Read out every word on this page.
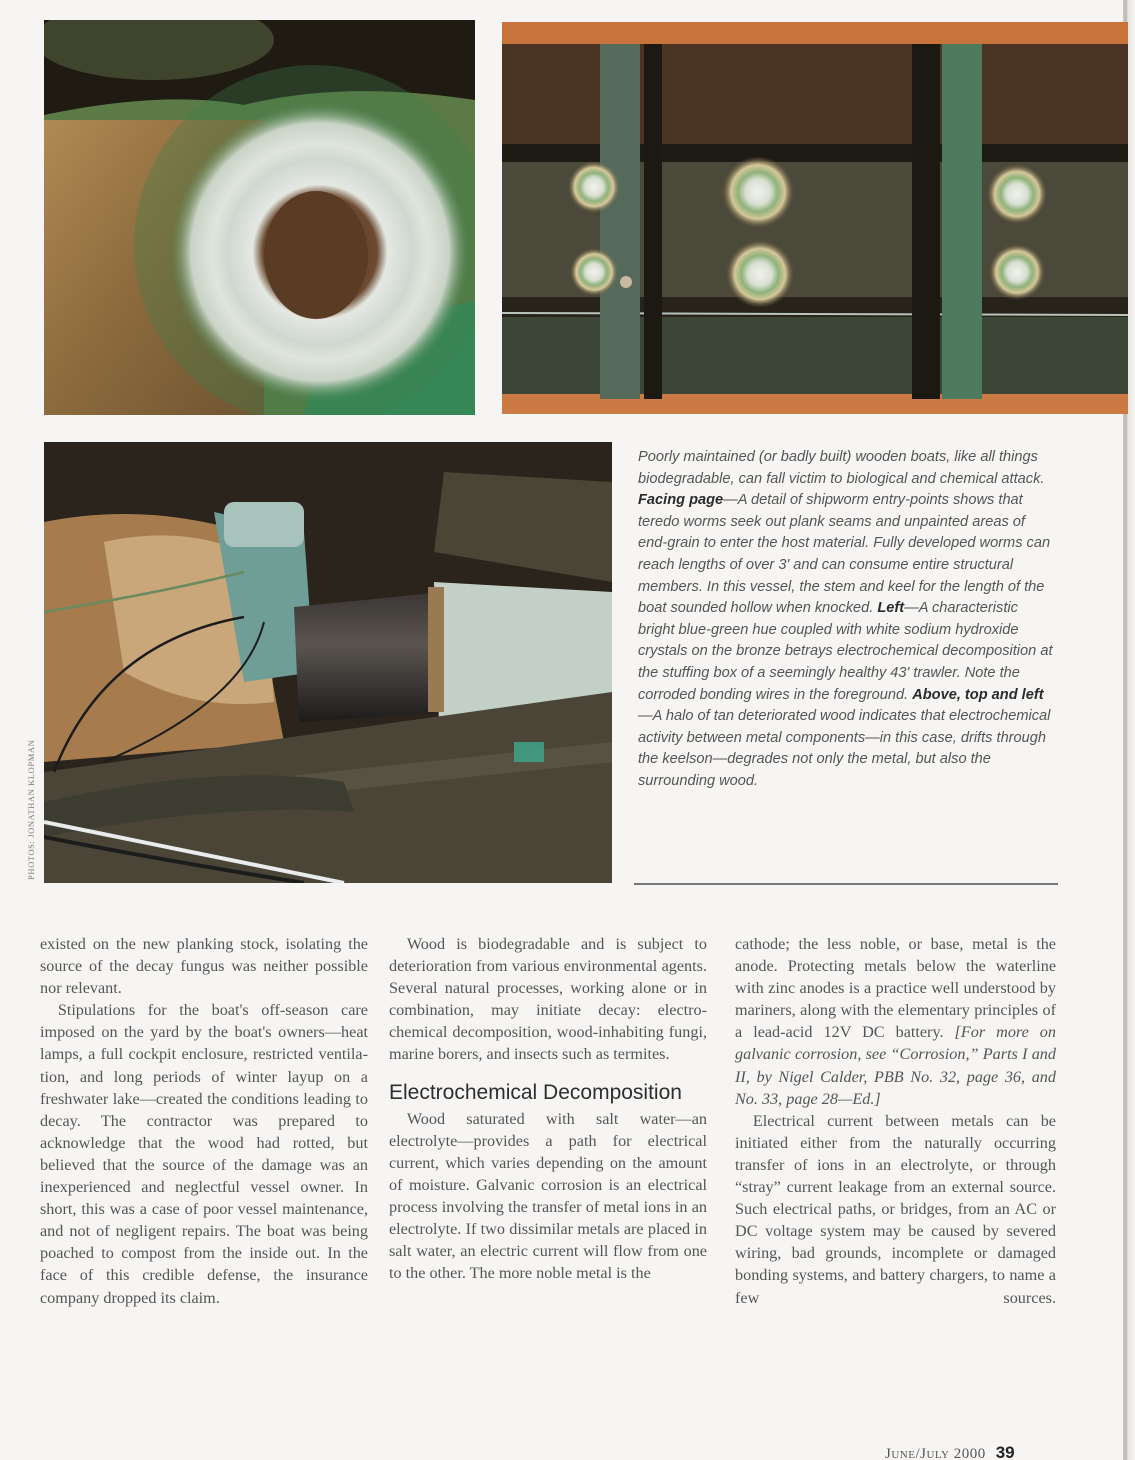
PHOTOS: JONATHAN KLOPMAN
Poorly maintained (or badly built) wooden boats, like all things biodegradable, can fall victim to biological and chemical attack. Facing page—A detail of shipworm entry-points shows that teredo worms seek out plank seams and unpainted areas of end-grain to enter the host material. Fully developed worms can reach lengths of over 3' and can consume entire structural members. In this vessel, the stem and keel for the length of the boat sounded hollow when knocked. Left—A characteristic bright blue-green hue coupled with white sodium hydroxide crystals on the bronze betrays electrochemical decomposition at the stuffing box of a seemingly healthy 43' trawler. Note the corroded bonding wires in the foreground. Above, top and left—A halo of tan deteriorated wood indicates that electrochemical activity between metal components—in this case, drifts through the keelson—degrades not only the metal, but also the surrounding wood.

existed on the new planking stock, isolating the source of the decay fungus was neither possible nor relevant.

Stipulations for the boat's off-season care imposed on the yard by the boat's owners—heat lamps, a full cockpit enclosure, restricted ventilation, and long periods of winter layup on a freshwater lake—created the conditions leading to decay. The contractor was prepared to acknowledge that the wood had rotted, but believed that the source of the damage was an inexperienced and neglectful vessel owner. In short, this was a case of poor vessel maintenance, and not of negligent repairs. The boat was being poached to compost from the inside out. In the face of this credible defense, the insurance company dropped its claim.

Wood is biodegradable and is subject to deterioration from various environmental agents. Several natural processes, working alone or in combination, may initiate decay: electrochemical decomposition, wood-inhabiting fungi, marine borers, and insects such as termites.

Electrochemical Decomposition

Wood saturated with salt water—an electrolyte—provides a path for electrical current, which varies depending on the amount of moisture. Galvanic corrosion is an electrical process involving the transfer of metal ions in an electrolyte. If two dissimilar metals are placed in salt water, an electric current will flow from one to the other. The more noble metal is the

cathode; the less noble, or base, metal is the anode. Protecting metals below the waterline with zinc anodes is a practice well understood by mariners, along with the elementary principles of a lead-acid 12V DC battery. [For more on galvanic corrosion, see “Corrosion,” Parts I and II, by Nigel Calder, PBB No. 32, page 36, and No. 33, page 28—Ed.]

Electrical current between metals can be initiated either from the naturally occurring transfer of ions in an electrolyte, or through “stray” current leakage from an external source. Such electrical paths, or bridges, from an AC or DC voltage system may be caused by severed wiring, bad grounds, incomplete or damaged bonding systems, and battery chargers, to name a few sources.

June/July 2000 39
